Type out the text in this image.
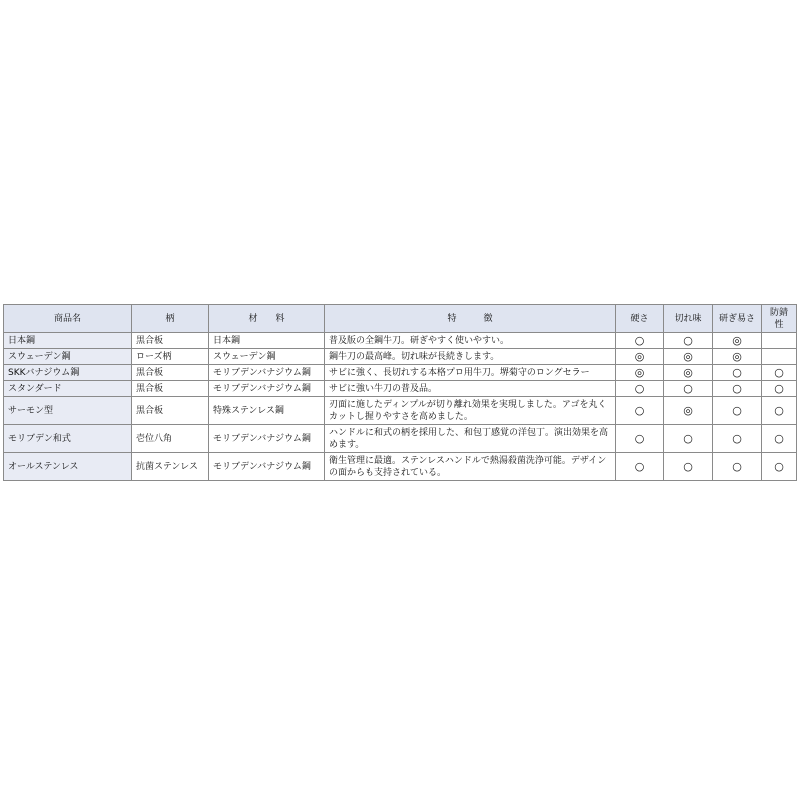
商品名	柄	材　　料	特　　　徴	硬さ	切れ味	研ぎ易さ	防錆性
日本鋼	黒合板	日本鋼	普及版の全鋼牛刀。研ぎやすく使いやすい。	○	○	◎	
スウェーデン鋼	ローズ柄	スウェーデン鋼	鋼牛刀の最高峰。切れ味が長続きします。	◎	◎	◎	
SKKバナジウム鋼	黒合板	モリブデンバナジウム鋼	サビに強く、長切れする本格プロ用牛刀。堺菊守のロングセラー	◎	◎	○	○
スタンダード	黒合板	モリブデンバナジウム鋼	サビに強い牛刀の普及品。	○	○	○	○
サーモン型	黒合板	特殊ステンレス鋼	刃面に施したディンプルが切り離れ効果を実現しました。アゴを丸くカットし握りやすさを高めました。	○	◎	○	○
モリブデン和式	壱位八角	モリブデンバナジウム鋼	ハンドルに和式の柄を採用した、和包丁感覚の洋包丁。演出効果を高めます。	○	○	○	○
オールステンレス	抗菌ステンレス	モリブデンバナジウム鋼	衛生管理に最適。ステンレスハンドルで熱湯殺菌洗浄可能。デザインの面からも支持されている。	○	○	○	○
